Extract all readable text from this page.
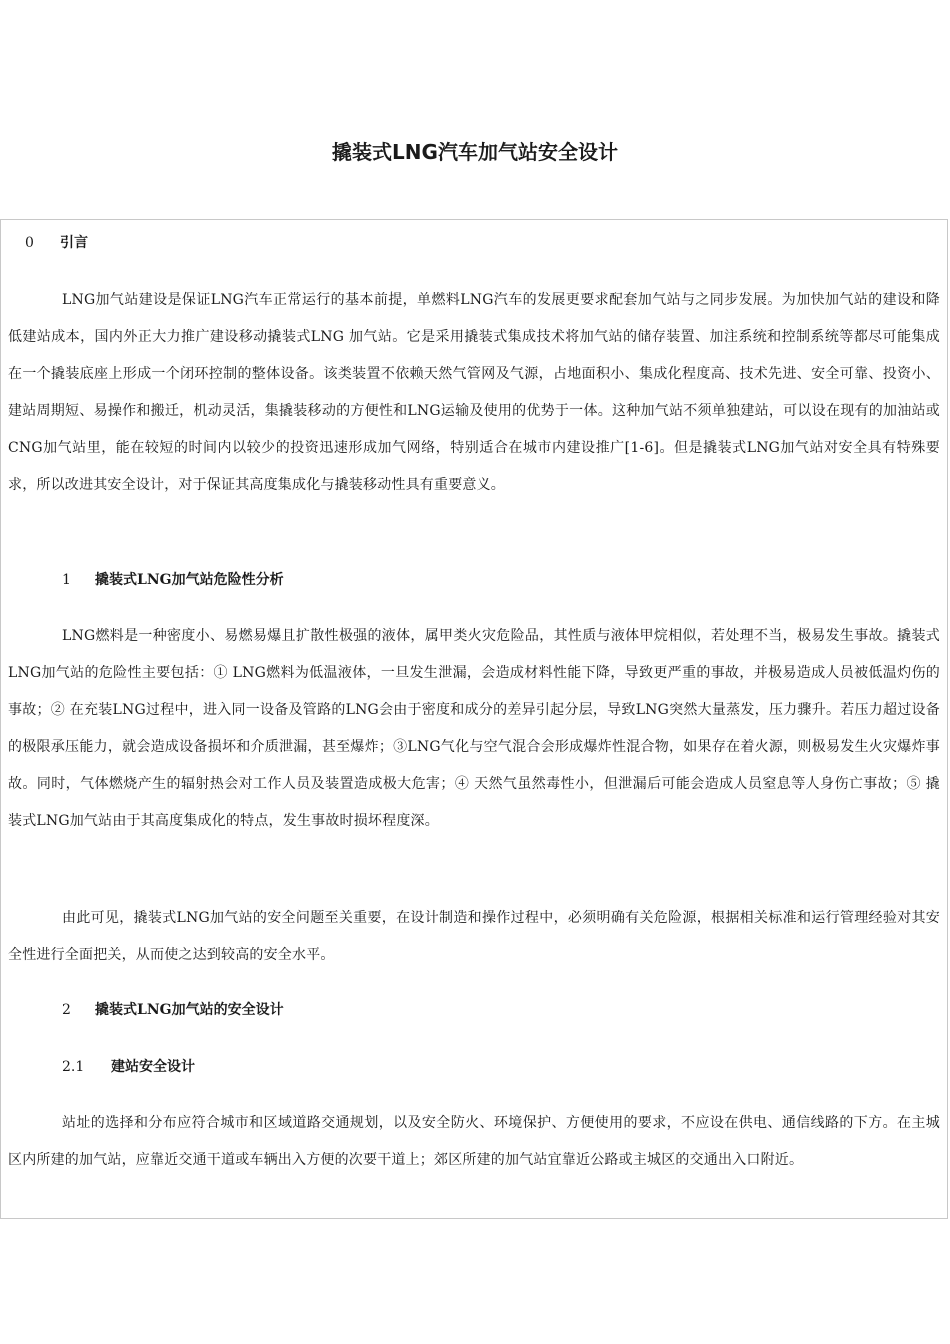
撬装式LNG汽车加气站安全设计
0 引言

LNG加气站建设是保证LNG汽车正常运行的基本前提，单燃料LNG汽车的发展更要求配套加气站与之同步发展。为加快加气站的建设和降低建站成本，国内外正大力推广建设移动撬装式LNG 加气站。它是采用撬装式集成技术将加气站的储存装置、加注系统和控制系统等都尽可能集成在一个撬装底座上形成一个闭环控制的整体设备。该类装置不依赖天然气管网及气源，占地面积小、集成化程度高、技术先进、安全可靠、投资小、建站周期短、易操作和搬迁，机动灵活，集撬装移动的方便性和LNG运输及使用的优势于一体。这种加气站不须单独建站，可以设在现有的加油站或CNG加气站里，能在较短的时间内以较少的投资迅速形成加气网络，特别适合在城市内建设推广[1-6]。但是撬装式LNG加气站对安全具有特殊要求，所以改进其安全设计，对于保证其高度集成化与撬装移动性具有重要意义。

1 撬装式LNG加气站危险性分析

LNG燃料是一种密度小、易燃易爆且扩散性极强的液体，属甲类火灾危险品，其性质与液体甲烷相似，若处理不当，极易发生事故。撬装式LNG加气站的危险性主要包括：① LNG燃料为低温液体，一旦发生泄漏，会造成材料性能下降，导致更严重的事故，并极易造成人员被低温灼伤的事故；② 在充装LNG过程中，进入同一设备及管路的LNG会由于密度和成分的差异引起分层，导致LNG突然大量蒸发，压力骤升。若压力超过设备的极限承压能力，就会造成设备损坏和介质泄漏，甚至爆炸；③LNG气化与空气混合会形成爆炸性混合物，如果存在着火源，则极易发生火灾爆炸事故。同时，气体燃烧产生的辐射热会对工作人员及装置造成极大危害；④ 天然气虽然毒性小，但泄漏后可能会造成人员窒息等人身伤亡事故；⑤ 撬装式LNG加气站由于其高度集成化的特点，发生事故时损坏程度深。

由此可见，撬装式LNG加气站的安全问题至关重要，在设计制造和操作过程中，必须明确有关危险源，根据相关标准和运行管理经验对其安全性进行全面把关，从而使之达到较高的安全水平。

2 撬装式LNG加气站的安全设计
2.1 建站安全设计

站址的选择和分布应符合城市和区域道路交通规划，以及安全防火、环境保护、方便使用的要求，不应设在供电、通信线路的下方。在主城区内所建的加气站，应靠近交通干道或车辆出入方便的次要干道上；郊区所建的加气站宜靠近公路或主城区的交通出入口附近。
